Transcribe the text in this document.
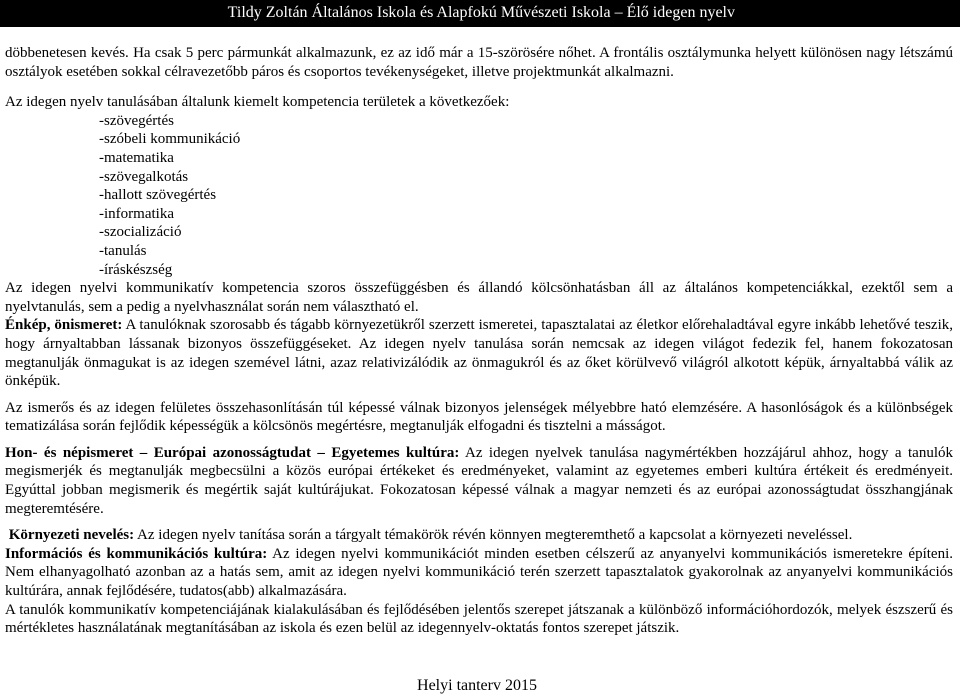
Tildy Zoltán Általános Iskola és Alapfokú Művészeti Iskola – Élő idegen nyelv

döbbenetesen kevés. Ha csak 5 perc pármunkát alkalmazunk, ez az idő már a 15-szörösére nőhet. A frontális osztálymunka helyett különösen nagy létszámú osztályok esetében sokkal célravezetőbb páros és csoportos tevékenységeket, illetve projektmunkát alkalmazni.

Az idegen nyelv tanulásában általunk kiemelt kompetencia területek a következőek:

-szövegértés
-szóbeli kommunikáció
-matematika
-szövegalkotás
-hallott szövegértés
-informatika
-szocializáció
-tanulás
-íráskészség

Az idegen nyelvi kommunikatív kompetencia szoros összefüggésben és állandó kölcsönhatásban áll az általános kompetenciákkal, ezektől sem a nyelvtanulás, sem a pedig a nyelvhasználat során nem választható el.

Énkép, önismeret: A tanulóknak szorosabb és tágabb környezetükről szerzett ismeretei, tapasztalatai az életkor előrehaladtával egyre inkább lehetővé teszik, hogy árnyaltabban lássanak bizonyos összefüggéseket. Az idegen nyelv tanulása során nemcsak az idegen világot fedezik fel, hanem fokozatosan megtanulják önmagukat is az idegen szemével látni, azaz relativizálódik az önmagukról és az őket körülvevő világról alkotott képük, árnyaltabbá válik az önképük.

Az ismerős és az idegen felületes összehasonlításán túl képessé válnak bizonyos jelenségek mélyebbre ható elemzésére. A hasonlóságok és a különbségek tematizálása során fejlődik képességük a kölcsönös megértésre, megtanulják elfogadni és tisztelni a másságot.

Hon- és népismeret – Európai azonosságtudat – Egyetemes kultúra: Az idegen nyelvek tanulása nagymértékben hozzájárul ahhoz, hogy a tanulók megismerjék és megtanulják megbecsülni a közös európai értékeket és eredményeket, valamint az egyetemes emberi kultúra értékeit és eredményeit. Egyúttal jobban megismerik és megértik saját kultúrájukat. Fokozatosan képessé válnak a magyar nemzeti és az európai azonosságtudat összhangjának megteremtésére.

Környezeti nevelés: Az idegen nyelv tanítása során a tárgyalt témakörök révén könnyen megteremthető a kapcsolat a környezeti neveléssel.

Információs és kommunikációs kultúra: Az idegen nyelvi kommunikációt minden esetben célszerű az anyanyelvi kommunikációs ismeretekre építeni. Nem elhanyagolható azonban az a hatás sem, amit az idegen nyelvi kommunikáció terén szerzett tapasztalatok gyakorolnak az anyanyelvi kommunikációs kultúrára, annak fejlődésére, tudatos(abb) alkalmazására.

A tanulók kommunikatív kompetenciájának kialakulásában és fejlődésében jelentős szerepet játszanak a különböző információhordozók, melyek észszerű és mértékletes használatának megtanításában az iskola és ezen belül az idegennyelv-oktatás fontos szerepet játszik.

Helyi tanterv 2015
